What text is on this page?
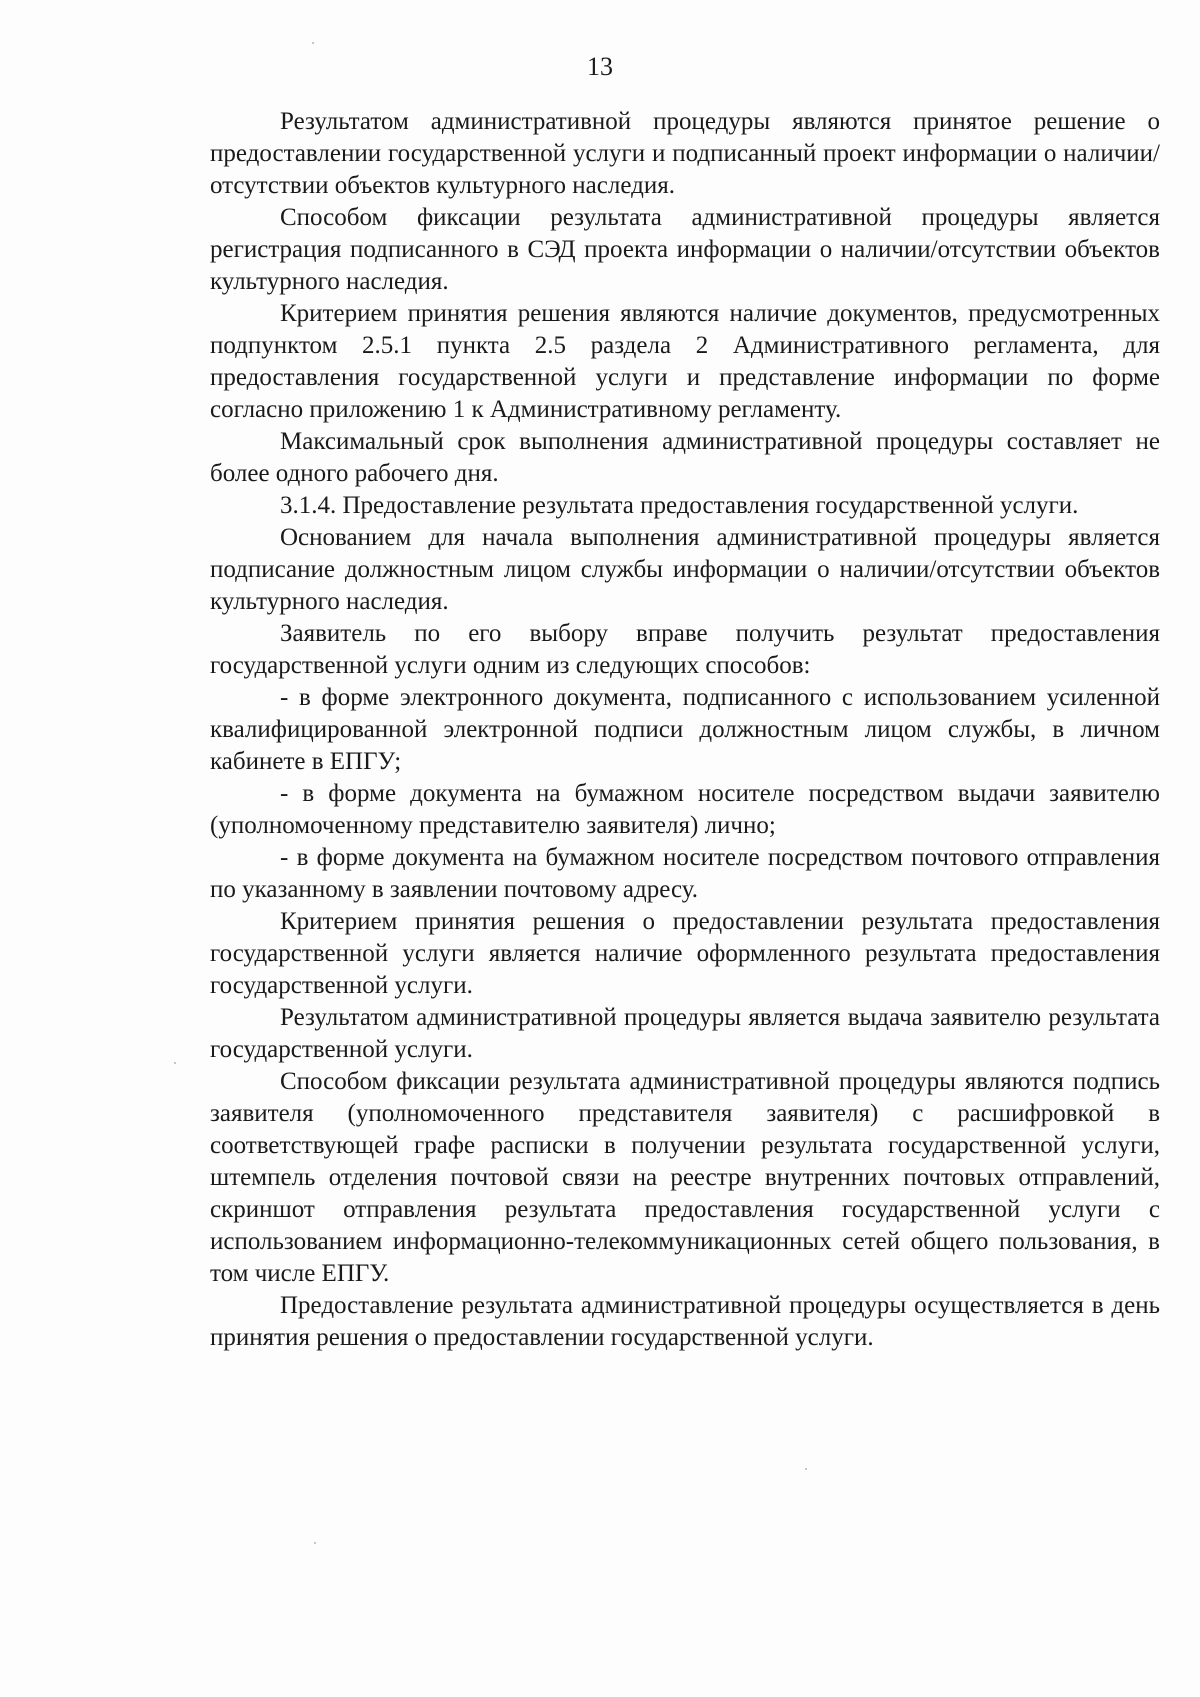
13

Результатом административной процедуры являются принятое решение о предоставлении государственной услуги и подписанный проект информации о наличии/отсутствии объектов культурного наследия.

Способом фиксации результата административной процедуры является регистрация подписанного в СЭД проекта информации о наличии/отсутствии объектов культурного наследия.

Критерием принятия решения являются наличие документов, предусмотренных подпунктом 2.5.1 пункта 2.5 раздела 2 Административного регламента, для предоставления государственной услуги и представление информации по форме согласно приложению 1 к Административному регламенту.

Максимальный срок выполнения административной процедуры составляет не более одного рабочего дня.

3.1.4. Предоставление результата предоставления государственной услуги.

Основанием для начала выполнения административной процедуры является подписание должностным лицом службы информации о наличии/отсутствии объектов культурного наследия.

Заявитель по его выбору вправе получить результат предоставления государственной услуги одним из следующих способов:

- в форме электронного документа, подписанного с использованием усиленной квалифицированной электронной подписи должностным лицом службы, в личном кабинете в ЕПГУ;

- в форме документа на бумажном носителе посредством выдачи заявителю (уполномоченному представителю заявителя) лично;

- в форме документа на бумажном носителе посредством почтового отправления по указанному в заявлении почтовому адресу.

Критерием принятия решения о предоставлении результата предоставления государственной услуги является наличие оформленного результата предоставления государственной услуги.

Результатом административной процедуры является выдача заявителю результата государственной услуги.

Способом фиксации результата административной процедуры являются подпись заявителя (уполномоченного представителя заявителя) с расшифровкой в соответствующей графе расписки в получении результата государственной услуги, штемпель отделения почтовой связи на реестре внутренних почтовых отправлений, скриншот отправления результата предоставления государственной услуги с использованием информационно-телекоммуникационных сетей общего пользования, в том числе ЕПГУ.

Предоставление результата административной процедуры осуществляется в день принятия решения о предоставлении государственной услуги.
